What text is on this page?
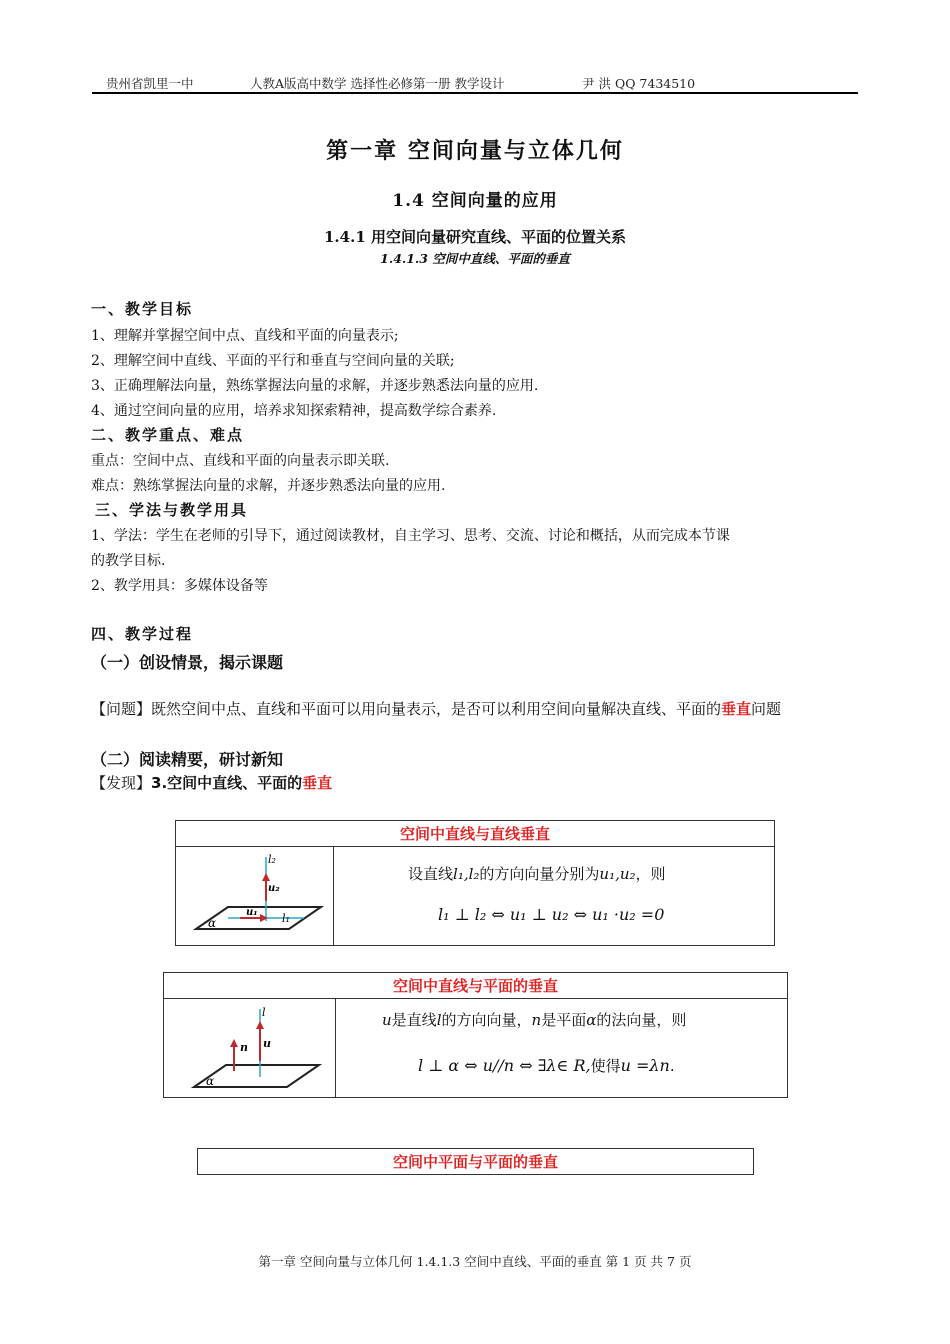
贵州省凯里一中	人教A版高中数学 选择性必修第一册 教学设计	尹 洪 QQ 7434510
第一章 空间向量与立体几何
1.4 空间向量的应用
1.4.1 用空间向量研究直线、平面的位置关系
1.4.1.3 空间中直线、平面的垂直
一、教学目标
1、理解并掌握空间中点、直线和平面的向量表示;
2、理解空间中直线、平面的平行和垂直与空间向量的关联;
3、正确理解法向量，熟练掌握法向量的求解，并逐步熟悉法向量的应用.
4、通过空间向量的应用，培养求知探索精神，提高数学综合素养.
二、教学重点、难点
重点：空间中点、直线和平面的向量表示即关联.
难点：熟练掌握法向量的求解，并逐步熟悉法向量的应用.
三、学法与教学用具
1、学法：学生在老师的引导下，通过阅读教材，自主学习、思考、交流、讨论和概括，从而完成本节课
的教学目标.
2、教学用具：多媒体设备等
四、教学过程
（一）创设情景，揭示课题
【问题】既然空间中点、直线和平面可以用向量表示，是否可以利用空间向量解决直线、平面的垂直问题
（二）阅读精要，研讨新知
【发现】3.空间中直线、平面的垂直
空间中直线与直线垂直

l₂
u₂
u₁ l₁
α

设直线l₁,l₂的方向向量分别为u₁,u₂，则
l₁ ⊥ l₂ ⇔ u₁ ⊥ u₂ ⇔ u₁ ·u₂ =0
空间中直线与平面的垂直

l
u
n
α

u是直线l的方向向量，n是平面α的法向量，则
l ⊥ α ⇔ u//n ⇔ ∃λ∈ R,使得u =λn.
空间中平面与平面的垂直
第一章 空间向量与立体几何 1.4.1.3 空间中直线、平面的垂直 第 1 页 共 7 页
